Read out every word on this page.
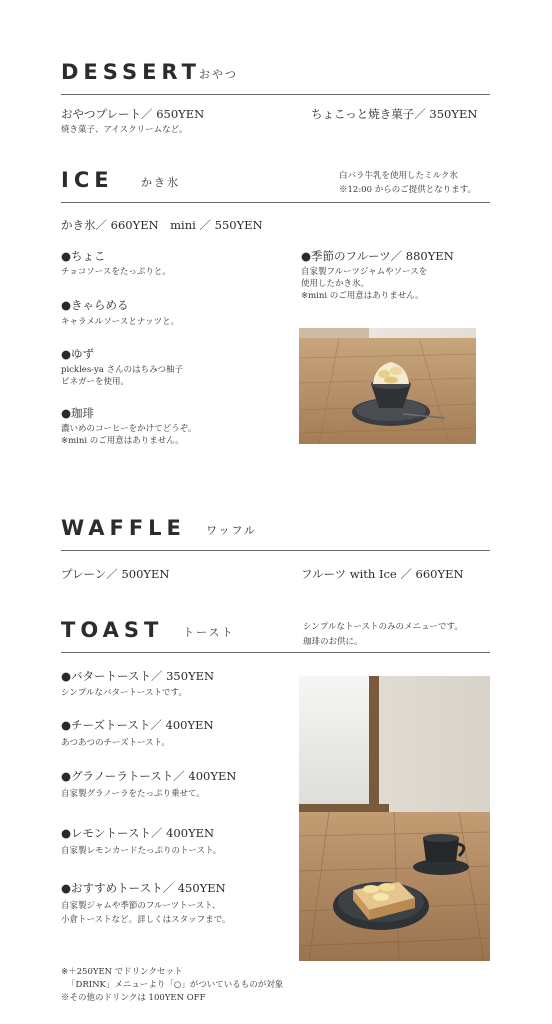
DESSERT
おやつ
おやつプレート／ 650YEN
焼き菓子、アイスクリームなど。
ちょこっと焼き菓子／ 350YEN
ICE かき氷	白バラ牛乳を使用したミルク氷
※12:00 からのご提供となります。
かき氷／ 660YEN　mini ／ 550YEN
●ちょこ
チョコソースをたっぷりと。
●きゃらめる
キャラメルソースとナッツと。
●ゆず
pickles-ya さんのはちみつ柚子
ビネガーを使用。
●珈琲
濃いめのコーヒーをかけてどうぞ。
※mini のご用意はありません。
●季節のフルーツ／ 880YEN
自家製フルーツジャムやソースを
使用したかき氷。
※mini のご用意はありません。
WAFFLE ワッフル
プレーン／ 500YEN	フルーツ with Ice ／ 660YEN
TOAST トースト	シンプルなトーストのみのメニューです。
珈琲のお供に。
●バタートースト／ 350YEN
シンプルなバタートーストです。
●チーズトースト／ 400YEN
あつあつのチーズトースト。
●グラノーラトースト／ 400YEN
自家製グラノーラをたっぷり乗せて。
●レモントースト／ 400YEN
自家製レモンカードたっぷりのトースト。
●おすすめトースト／ 450YEN
自家製ジャムや季節のフルーツトースト、
小倉トーストなど。詳しくはスタッフまで。
※＋250YEN でドリンクセット
「DRINK」メニューより「○」がついているものが対象
※その他のドリンクは 100YEN OFF
